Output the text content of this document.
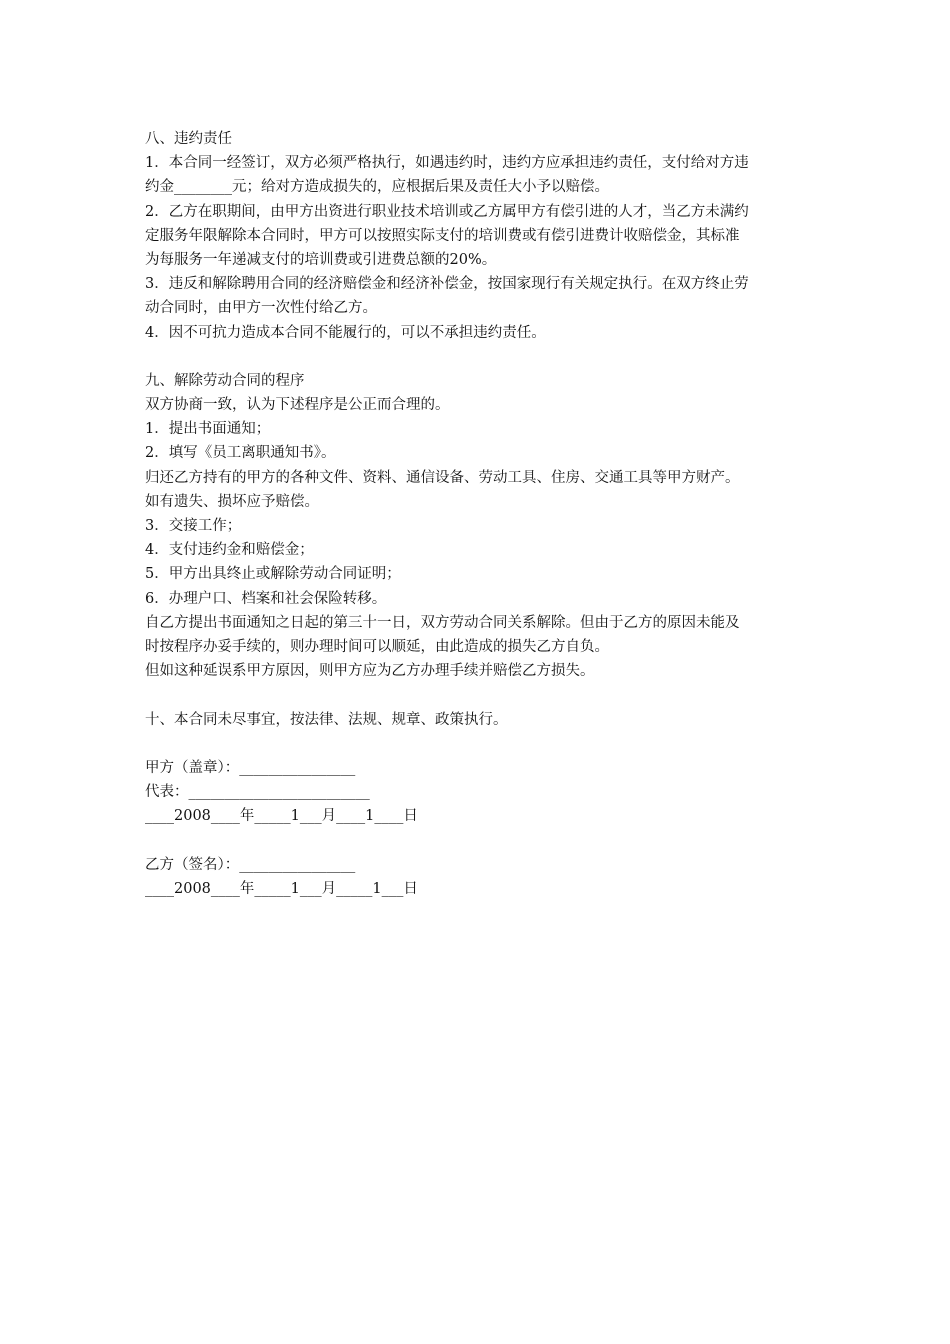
八、违约责任
1．本合同一经签订，双方必须严格执行，如遇违约时，违约方应承担违约责任，支付给对方违
约金________元；给对方造成损失的，应根据后果及责任大小予以赔偿。
2．乙方在职期间，由甲方出资进行职业技术培训或乙方属甲方有偿引进的人才，当乙方未满约
定服务年限解除本合同时，甲方可以按照实际支付的培训费或有偿引进费计收赔偿金，其标准
为每服务一年递减支付的培训费或引进费总额的20%。
3．违反和解除聘用合同的经济赔偿金和经济补偿金，按国家现行有关规定执行。在双方终止劳
动合同时，由甲方一次性付给乙方。
4．因不可抗力造成本合同不能履行的，可以不承担违约责任。
九、解除劳动合同的程序
双方协商一致，认为下述程序是公正而合理的。
1．提出书面通知；
2．填写《员工离职通知书》。
归还乙方持有的甲方的各种文件、资料、通信设备、劳动工具、住房、交通工具等甲方财产。
如有遗失、损坏应予赔偿。
3．交接工作；
4．支付违约金和赔偿金；
5．甲方出具终止或解除劳动合同证明；
6．办理户口、档案和社会保险转移。
自乙方提出书面通知之日起的第三十一日，双方劳动合同关系解除。但由于乙方的原因未能及
时按程序办妥手续的，则办理时间可以顺延，由此造成的损失乙方自负。
但如这种延误系甲方原因，则甲方应为乙方办理手续并赔偿乙方损失。
十、本合同未尽事宜，按法律、法规、规章、政策执行。
甲方（盖章）：________________
代表：_________________________
____2008____年_____1___月____1____日
乙方（签名）：________________
____2008____年_____1___月_____1___日
